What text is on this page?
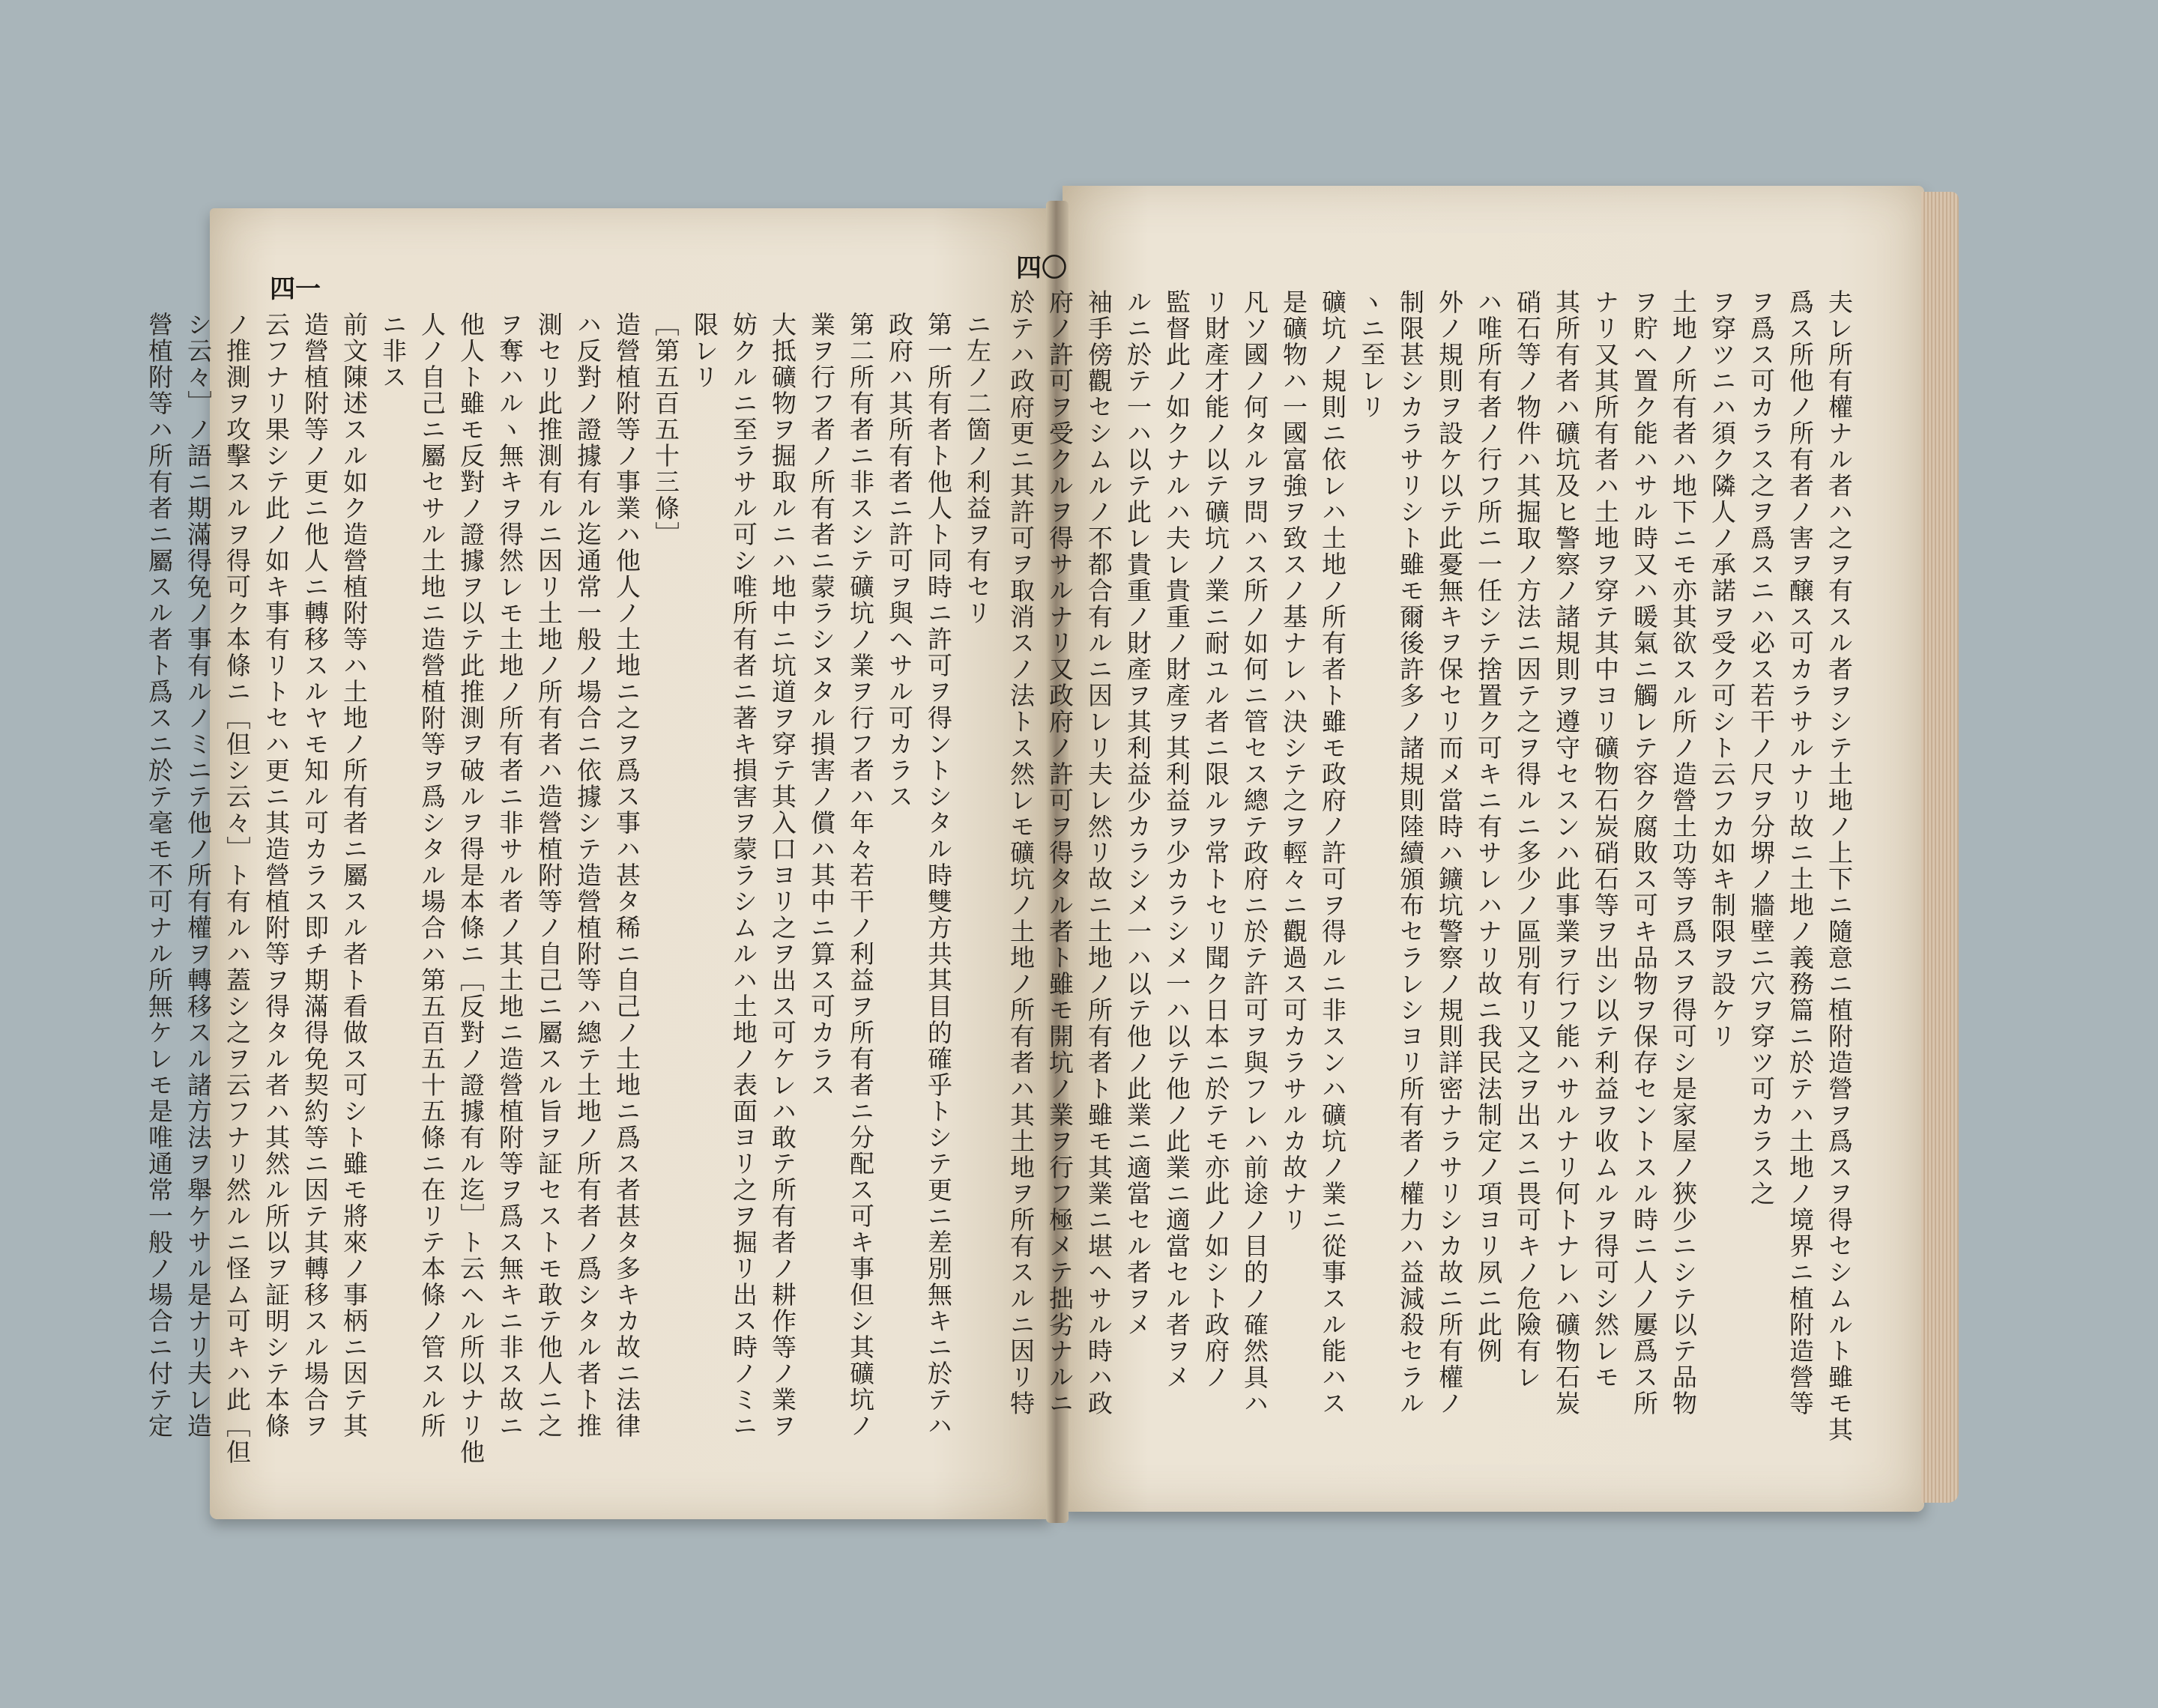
四一
四〇
ニ左ノ二箇ノ利益ヲ有セリ
第一所有者ト他人ト同時ニ許可ヲ得ントシタル時雙方共其目的確乎トシテ更ニ差別無キニ於テハ
政府ハ其所有者ニ許可ヲ與ヘサル可カラス
第二所有者ニ非スシテ礦坑ノ業ヲ行フ者ハ年々若干ノ利益ヲ所有者ニ分配ス可キ事但シ其礦坑ノ
業ヲ行フ者ノ所有者ニ蒙ラシヌタル損害ノ償ハ其中ニ算ス可カラス
大抵礦物ヲ掘取ルニハ地中ニ坑道ヲ穿テ其入口ヨリ之ヲ出ス可ケレハ敢テ所有者ノ耕作等ノ業ヲ
妨クルニ至ラサル可シ唯所有者ニ著キ損害ヲ蒙ラシムルハ土地ノ表面ヨリ之ヲ掘リ出ス時ノミニ
限レリ
［第五百五十三條］
造營植附等ノ事業ハ他人ノ土地ニ之ヲ爲ス事ハ甚タ稀ニ自己ノ土地ニ爲ス者甚タ多キカ故ニ法律
ハ反對ノ證據有ル迄通常一般ノ場合ニ依據シテ造營植附等ハ總テ土地ノ所有者ノ爲シタル者ト推
測セリ此推測有ルニ因リ土地ノ所有者ハ造營植附等ノ自己ニ屬スル旨ヲ証セストモ敢テ他人ニ之
ヲ奪ハルヽ無キヲ得然レモ土地ノ所有者ニ非サル者ノ其土地ニ造營植附等ヲ爲ス無キニ非ス故ニ
他人ト雖モ反對ノ證據ヲ以テ此推測ヲ破ルヲ得是本條ニ［反對ノ證據有ル迄］ト云ヘル所以ナリ他
人ノ自己ニ屬セサル土地ニ造營植附等ヲ爲シタル場合ハ第五百五十五條ニ在リテ本條ノ管スル所
ニ非ス
前文陳述スル如ク造營植附等ハ土地ノ所有者ニ屬スル者ト看做ス可シト雖モ將來ノ事柄ニ因テ其
造營植附等ノ更ニ他人ニ轉移スルヤモ知ル可カラス即チ期滿得免契約等ニ因テ其轉移スル場合ヲ
云フナリ果シテ此ノ如キ事有リトセハ更ニ其造營植附等ヲ得タル者ハ其然ル所以ヲ証明シテ本條
ノ推測ヲ攻擊スルヲ得可ク本條ニ［但シ云々］ト有ルハ蓋シ之ヲ云フナリ然ルニ怪ム可キハ此［但
シ云々］ノ語ニ期滿得免ノ事有ルノミニテ他ノ所有權ヲ轉移スル諸方法ヲ舉ケサル是ナリ夫レ造
營植附等ハ所有者ニ屬スル者ト爲スニ於テ毫モ不可ナル所無ケレモ是唯通常一般ノ場合ニ付テ定	夫レ所有權ナル者ハ之ヲ有スル者ヲシテ土地ノ上下ニ隨意ニ植附造營ヲ爲スヲ得セシムルト雖モ其
爲ス所他ノ所有者ノ害ヲ醸ス可カラサルナリ故ニ土地ノ義務篇ニ於テハ土地ノ境界ニ植附造營等
ヲ爲ス可カラス之ヲ爲スニハ必ス若干ノ尺ヲ分堺ノ牆壁ニ穴ヲ穿ツ可カラス之
ヲ穿ツニハ須ク隣人ノ承諾ヲ受ク可シト云フカ如キ制限ヲ設ケリ
土地ノ所有者ハ地下ニモ亦其欲スル所ノ造營土功等ヲ爲スヲ得可シ是家屋ノ狹少ニシテ以テ品物
ヲ貯ヘ置ク能ハサル時又ハ暖氣ニ觸レテ容ク腐敗ス可キ品物ヲ保存セントスル時ニ人ノ屢爲ス所
ナリ又其所有者ハ土地ヲ穿テ其中ヨリ礦物石炭硝石等ヲ出シ以テ利益ヲ收ムルヲ得可シ然レモ
其所有者ハ礦坑及ヒ警察ノ諸規則ヲ遵守セスンハ此事業ヲ行フ能ハサルナリ何トナレハ礦物石炭
硝石等ノ物件ハ其掘取ノ方法ニ因テ之ヲ得ルニ多少ノ區別有リ又之ヲ出スニ畏可キノ危險有レ
ハ唯所有者ノ行フ所ニ一任シテ捨置ク可キニ有サレハナリ故ニ我民法制定ノ項ヨリ夙ニ此例
外ノ規則ヲ設ケ以テ此憂無キヲ保セリ而メ當時ハ鑛坑警察ノ規則詳密ナラサリシカ故ニ所有權ノ
制限甚シカラサリシト雖モ爾後許多ノ諸規則陸續頒布セラレシヨリ所有者ノ權力ハ益減殺セラル
ヽニ至レリ
礦坑ノ規則ニ依レハ土地ノ所有者ト雖モ政府ノ許可ヲ得ルニ非スンハ礦坑ノ業ニ從事スル能ハス
是礦物ハ一國富強ヲ致スノ基ナレハ決シテ之ヲ輕々ニ觀過ス可カラサルカ故ナリ
凡ソ國ノ何タルヲ問ハス所ノ如何ニ管セス總テ政府ニ於テ許可ヲ與フレハ前途ノ目的ノ確然具ハ
リ財產才能ノ以テ礦坑ノ業ニ耐ユル者ニ限ルヲ常トセリ聞ク日本ニ於テモ亦此ノ如シト政府ノ
監督此ノ如クナルハ夫レ貴重ノ財產ヲ其利益ヲ少カラシメ一ハ以テ他ノ此業ニ適當セル者ヲメ
ルニ於テ一ハ以テ此レ貴重ノ財產ヲ其利益少カラシメ一ハ以テ他ノ此業ニ適當セル者ヲメ
袖手傍觀セシムルノ不都合有ルニ因レリ夫レ然リ故ニ土地ノ所有者ト雖モ其業ニ堪ヘサル時ハ政
府ノ許可ヲ受クルヲ得サルナリ又政府ノ許可ヲ得タル者ト雖モ開坑ノ業ヲ行フ極メテ拙劣ナルニ
於テハ政府更ニ其許可ヲ取消スノ法トス然レモ礦坑ノ土地ノ所有者ハ其土地ヲ所有スルニ因リ特
